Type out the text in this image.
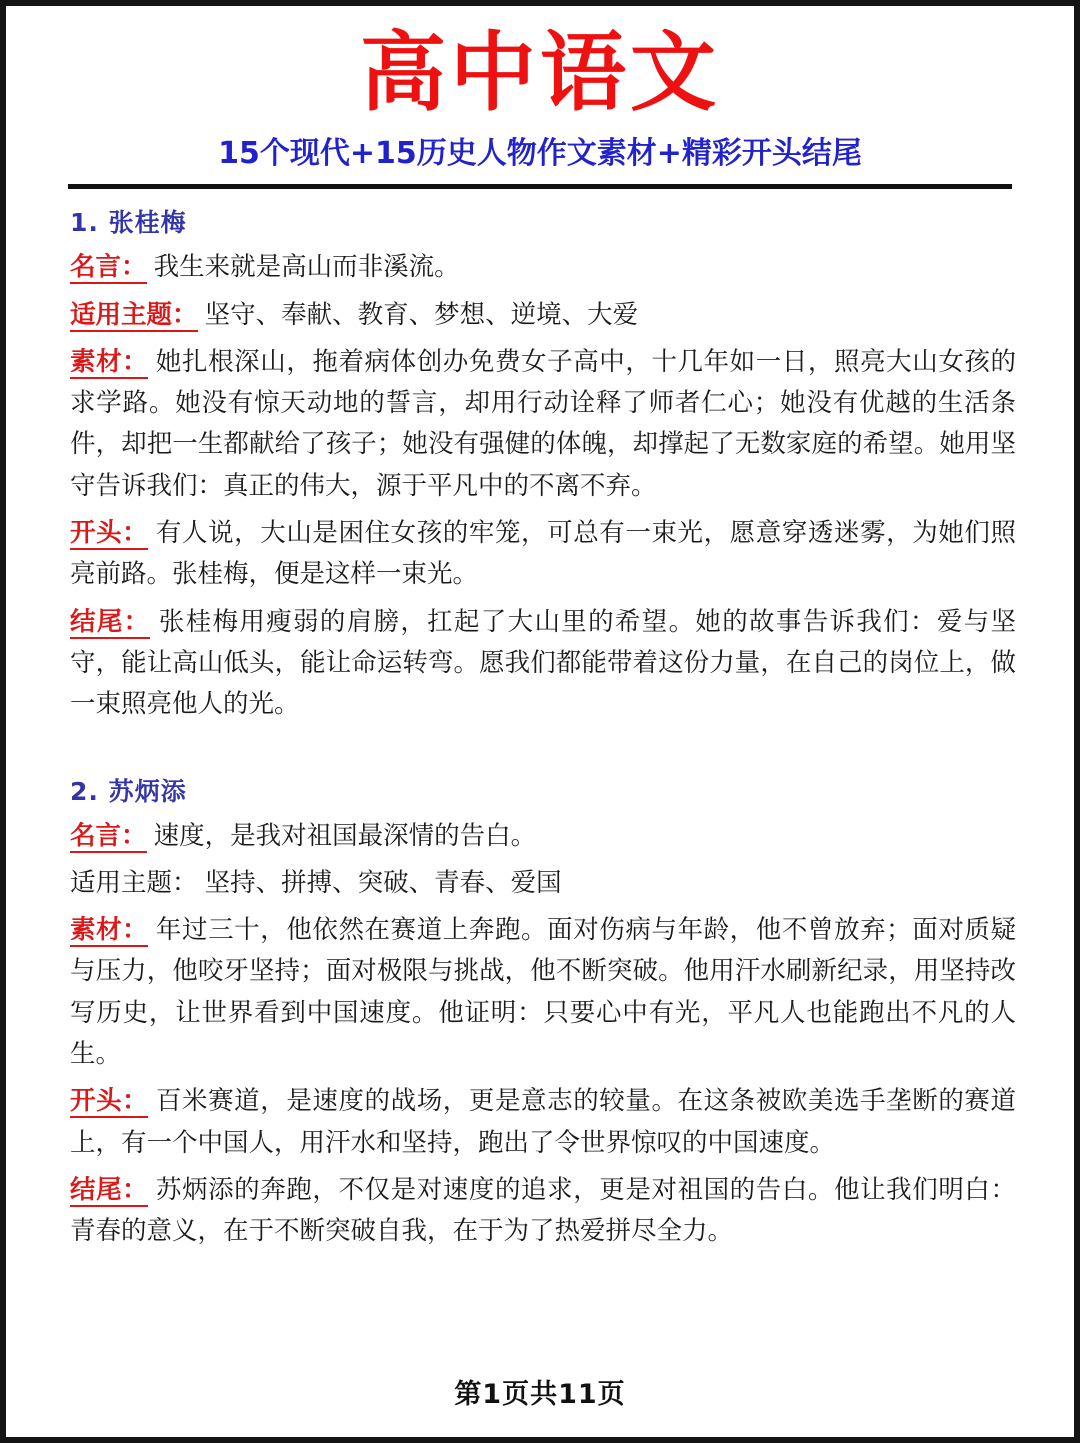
高中语文
15个现代+15历史人物作文素材+精彩开头结尾
1. 张桂梅

名言： 我生来就是高山而非溪流。

适用主题： 坚守、奉献、教育、梦想、逆境、大爱

素材： 她扎根深山，拖着病体创办免费女子高中，十几年如一日，照亮大山女孩的求学路。她没有惊天动地的誓言，却用行动诠释了师者仁心；她没有优越的生活条件，却把一生都献给了孩子；她没有强健的体魄，却撑起了无数家庭的希望。她用坚守告诉我们：真正的伟大，源于平凡中的不离不弃。

开头： 有人说，大山是困住女孩的牢笼，可总有一束光，愿意穿透迷雾，为她们照亮前路。张桂梅，便是这样一束光。

结尾： 张桂梅用瘦弱的肩膀，扛起了大山里的希望。她的故事告诉我们：爱与坚守，能让高山低头，能让命运转弯。愿我们都能带着这份力量，在自己的岗位上，做一束照亮他人的光。

2. 苏炳添

名言： 速度，是我对祖国最深情的告白。

适用主题： 坚持、拼搏、突破、青春、爱国

素材： 年过三十，他依然在赛道上奔跑。面对伤病与年龄，他不曾放弃；面对质疑与压力，他咬牙坚持；面对极限与挑战，他不断突破。他用汗水刷新纪录，用坚持改写历史，让世界看到中国速度。他证明：只要心中有光，平凡人也能跑出不凡的人生。

开头： 百米赛道，是速度的战场，更是意志的较量。在这条被欧美选手垄断的赛道上，有一个中国人，用汗水和坚持，跑出了令世界惊叹的中国速度。

结尾： 苏炳添的奔跑，不仅是对速度的追求，更是对祖国的告白。他让我们明白：青春的意义，在于不断突破自我，在于为了热爱拼尽全力。

第1页共11页
